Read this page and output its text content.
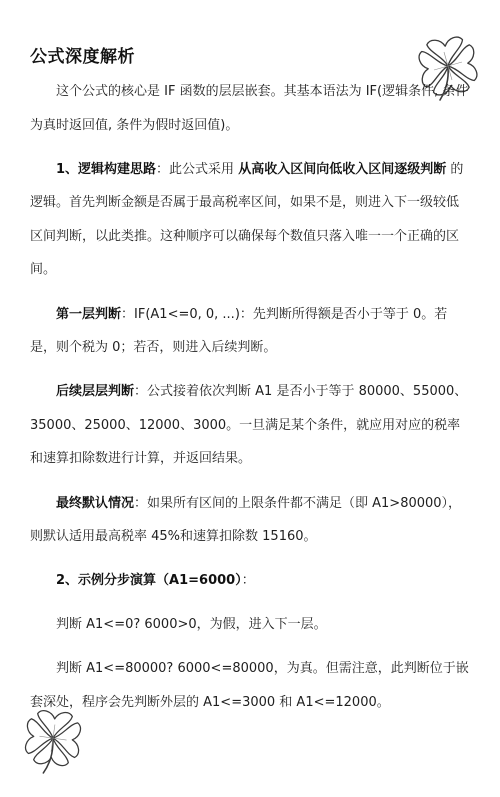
公式深度解析

这个公式的核心是 IF 函数的层层嵌套。其基本语法为 IF(逻辑条件, 条件为真时返回值, 条件为假时返回值)。

1、逻辑构建思路：此公式采用 从高收入区间向低收入区间逐级判断 的逻辑。首先判断金额是否属于最高税率区间，如果不是，则进入下一级较低区间判断，以此类推。这种顺序可以确保每个数值只落入唯一一个正确的区间。

第一层判断：IF(A1<=0, 0, ...)：先判断所得额是否小于等于 0。若是，则个税为 0；若否，则进入后续判断。

后续层层判断：公式接着依次判断 A1 是否小于等于 80000、55000、35000、25000、12000、3000。一旦满足某个条件，就应用对应的税率和速算扣除数进行计算，并返回结果。

最终默认情况：如果所有区间的上限条件都不满足（即 A1>80000），则默认适用最高税率 45%和速算扣除数 15160。

2、示例分步演算（A1=6000）：

判断 A1<=0? 6000>0，为假，进入下一层。

判断 A1<=80000? 6000<=80000，为真。但需注意，此判断位于嵌套深处，程序会先判断外层的 A1<=3000 和 A1<=12000。
